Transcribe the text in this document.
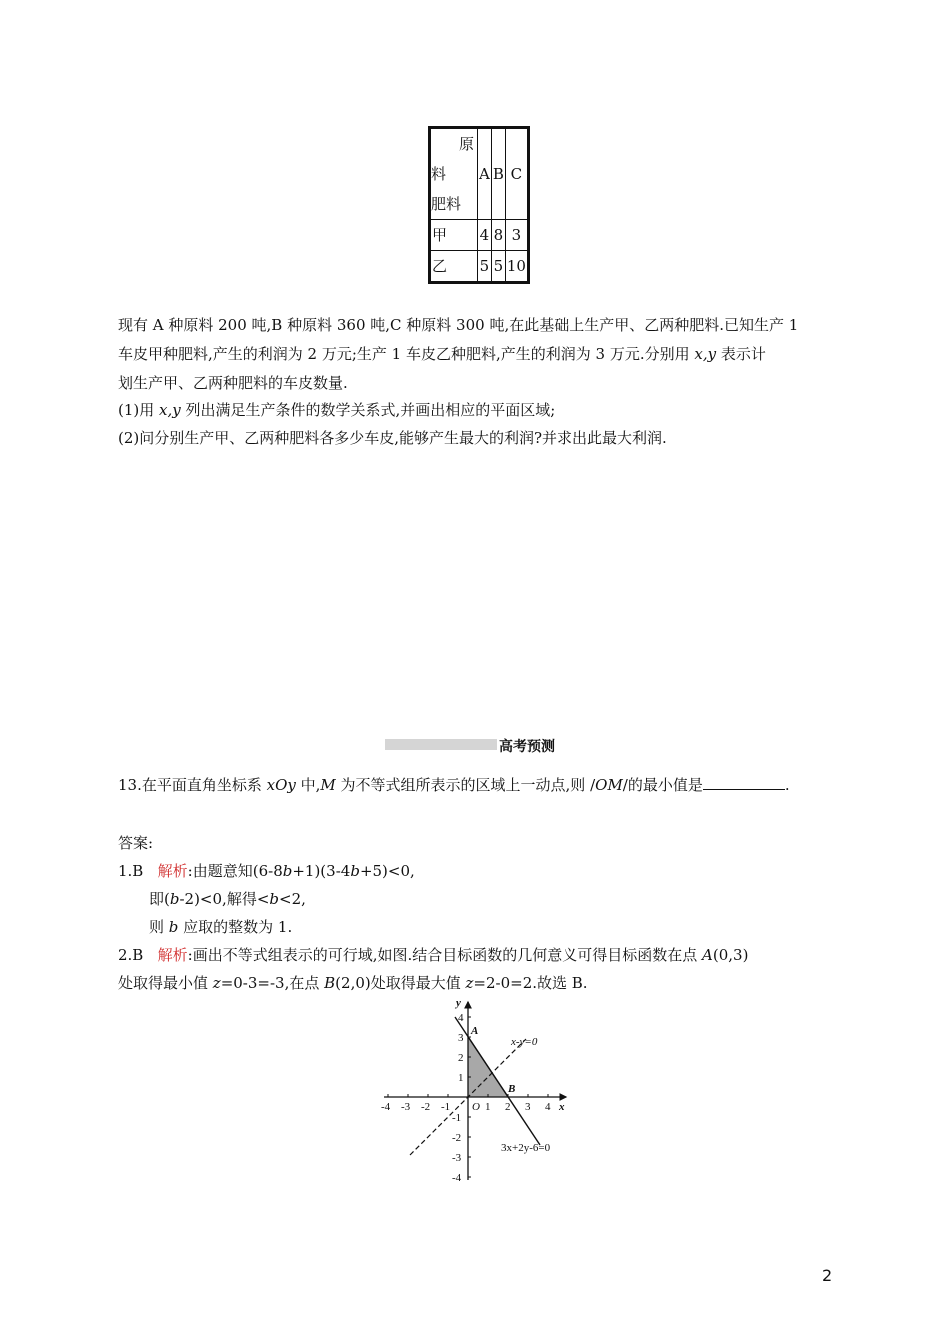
原
料
肥料	A	B	C
甲	4	8	3
乙	5	5	10
现有 A 种原料 200 吨,B 种原料 360 吨,C 种原料 300 吨,在此基础上生产甲、乙两种肥料.已知生产 1
车皮甲种肥料,产生的利润为 2 万元;生产 1 车皮乙种肥料,产生的利润为 3 万元.分别用 x,y 表示计
划生产甲、乙两种肥料的车皮数量.
(1)用 x,y 列出满足生产条件的数学关系式,并画出相应的平面区域;
(2)问分别生产甲、乙两种肥料各多少车皮,能够产生最大的利润?并求出此最大利润.
高考预测
13.在平面直角坐标系 xOy 中,M 为不等式组所表示的区域上一动点,则 /OM/的最小值是	.
答案:
1.B 解析:由题意知(6-8b+1)(3-4b+5)<0,
即(b-2)<0,解得<b<2,
则 b 应取的整数为 1.
2.B 解析:画出不等式组表示的可行域,如图.结合目标函数的几何意义可得目标函数在点 A(0,3)
处取得最小值 z=0-3=-3,在点 B(2,0)处取得最大值 z=2-0=2.故选 B.
-4 -3 -2 -1	1 2 3 4
4
3
2
1
-1
-2
-3
-4
O	x
y
A
B
x-y=0
3x+2y-6=0
2
